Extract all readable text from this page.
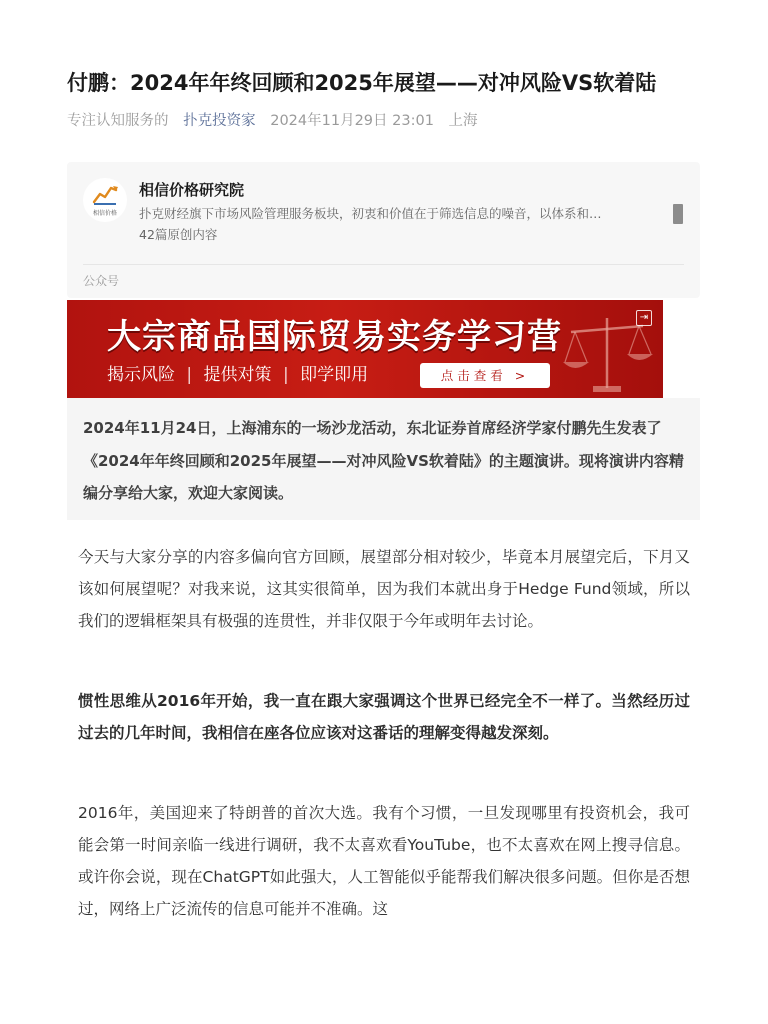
付鹏：2024年年终回顾和2025年展望——对冲风险VS软着陆
专注认知服务的 扑克投资家 2024年11月29日 23:01 上海
相信价格
相信价格研究院
扑克财经旗下市场风险管理服务板块，初衷和价值在于筛选信息的噪音，以体系和…
42篇原创内容
公众号
大宗商品国际贸易实务学习营
揭示风险 | 提供对策 | 即学即用	点击查看 >
⇥
2024年11月24日，上海浦东的一场沙龙活动，东北证券首席经济学家付鹏先生发表了《2024年年终回顾和2025年展望——对冲风险VS软着陆》的主题演讲。现将演讲内容精编分享给大家，欢迎大家阅读。

今天与大家分享的内容多偏向官方回顾，展望部分相对较少，毕竟本月展望完后，下月又该如何展望呢？对我来说，这其实很简单，因为我们本就出身于Hedge Fund领域，所以我们的逻辑框架具有极强的连贯性，并非仅限于今年或明年去讨论。

惯性思维从2016年开始，我一直在跟大家强调这个世界已经完全不一样了。当然经历过过去的几年时间，我相信在座各位应该对这番话的理解变得越发深刻。

2016年，美国迎来了特朗普的首次大选。我有个习惯，一旦发现哪里有投资机会，我可能会第一时间亲临一线进行调研，我不太喜欢看YouTube，也不太喜欢在网上搜寻信息。或许你会说，现在ChatGPT如此强大，人工智能似乎能帮我们解决很多问题。但你是否想过，网络上广泛流传的信息可能并不准确。这
